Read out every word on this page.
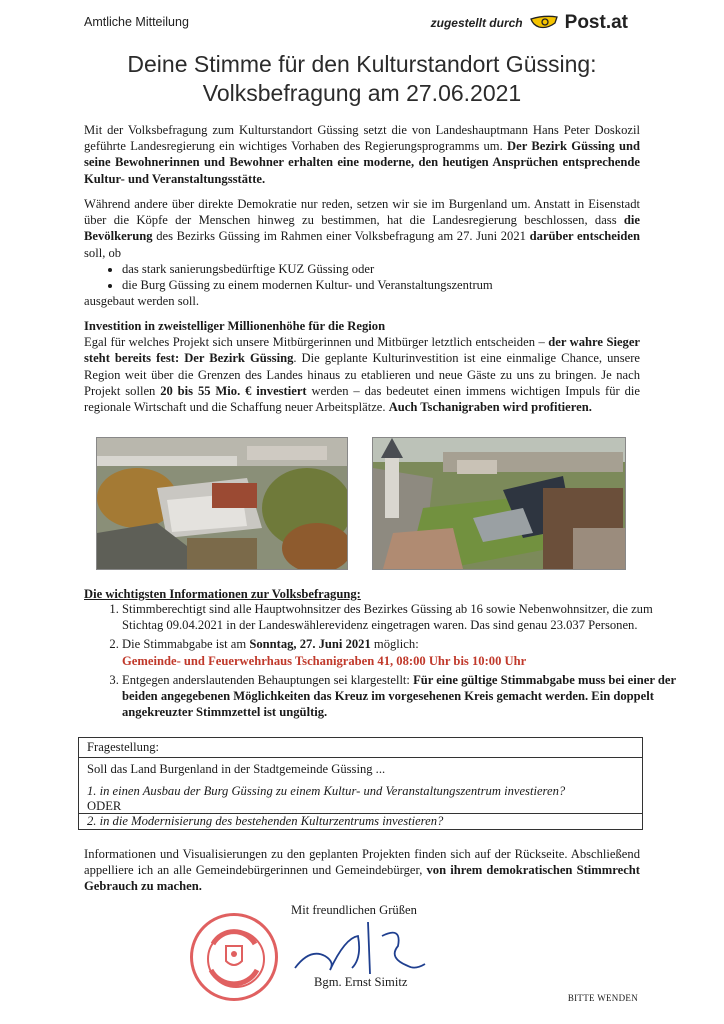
Amtliche Mitteilung	zugestellt durch Post.at
Deine Stimme für den Kulturstandort Güssing:
Volksbefragung am 27.06.2021
Mit der Volksbefragung zum Kulturstandort Güssing setzt die von Landeshauptmann Hans Peter Doskozil geführte Landesregierung ein wichtiges Vorhaben des Regierungsprogramms um. Der Bezirk Güssing und seine Bewohnerinnen und Bewohner erhalten eine moderne, den heutigen Ansprüchen entsprechende Kultur- und Veranstaltungsstätte.
Während andere über direkte Demokratie nur reden, setzen wir sie im Burgenland um. Anstatt in Eisenstadt über die Köpfe der Menschen hinweg zu bestimmen, hat die Landesregierung beschlossen, dass die Bevölkerung des Bezirks Güssing im Rahmen einer Volksbefragung am 27. Juni 2021 darüber entscheiden soll, ob
• das stark sanierungsbedürftige KUZ Güssing oder
• die Burg Güssing zu einem modernen Kultur- und Veranstaltungszentrum
ausgebaut werden soll.
Investition in zweistelliger Millionenhöhe für die Region
Egal für welches Projekt sich unsere Mitbürgerinnen und Mitbürger letztlich entscheiden – der wahre Sieger steht bereits fest: Der Bezirk Güssing. Die geplante Kulturinvestition ist eine einmalige Chance, unsere Region weit über die Grenzen des Landes hinaus zu etablieren und neue Gäste zu uns zu bringen. Je nach Projekt sollen 20 bis 55 Mio. € investiert werden – das bedeutet einen immens wichtigen Impuls für die regionale Wirtschaft und die Schaffung neuer Arbeitsplätze. Auch Tschanigraben wird profitieren.
Die wichtigsten Informationen zur Volksbefragung:
1. Stimmberechtigt sind alle Hauptwohnsitzer des Bezirkes Güssing ab 16 sowie Nebenwohnsitzer, die zum Stichtag 09.04.2021 in der Landeswählerevidenz eingetragen waren. Das sind genau 23.037 Personen.
2. Die Stimmabgabe ist am Sonntag, 27. Juni 2021 möglich:
Gemeinde- und Feuerwehrhaus Tschanigraben 41, 08:00 Uhr bis 10:00 Uhr
3. Entgegen anderslautenden Behauptungen sei klargestellt: Für eine gültige Stimmabgabe muss bei einer der beiden angegebenen Möglichkeiten das Kreuz im vorgesehenen Kreis gemacht werden. Ein doppelt angekreuzter Stimmzettel ist ungültig.
Fragestellung:
Soll das Land Burgenland in der Stadtgemeinde Güssing ...
1. in einen Ausbau der Burg Güssing zu einem Kultur- und Veranstaltungszentrum investieren?
ODER
2. in die Modernisierung des bestehenden Kulturzentrums investieren?
Informationen und Visualisierungen zu den geplanten Projekten finden sich auf der Rückseite. Abschließend appelliere ich an alle Gemeindebürgerinnen und Gemeindebürger, von ihrem demokratischen Stimmrecht Gebrauch zu machen.
Mit freundlichen Grüßen
Bgm. Ernst Simitz
BITTE WENDEN
